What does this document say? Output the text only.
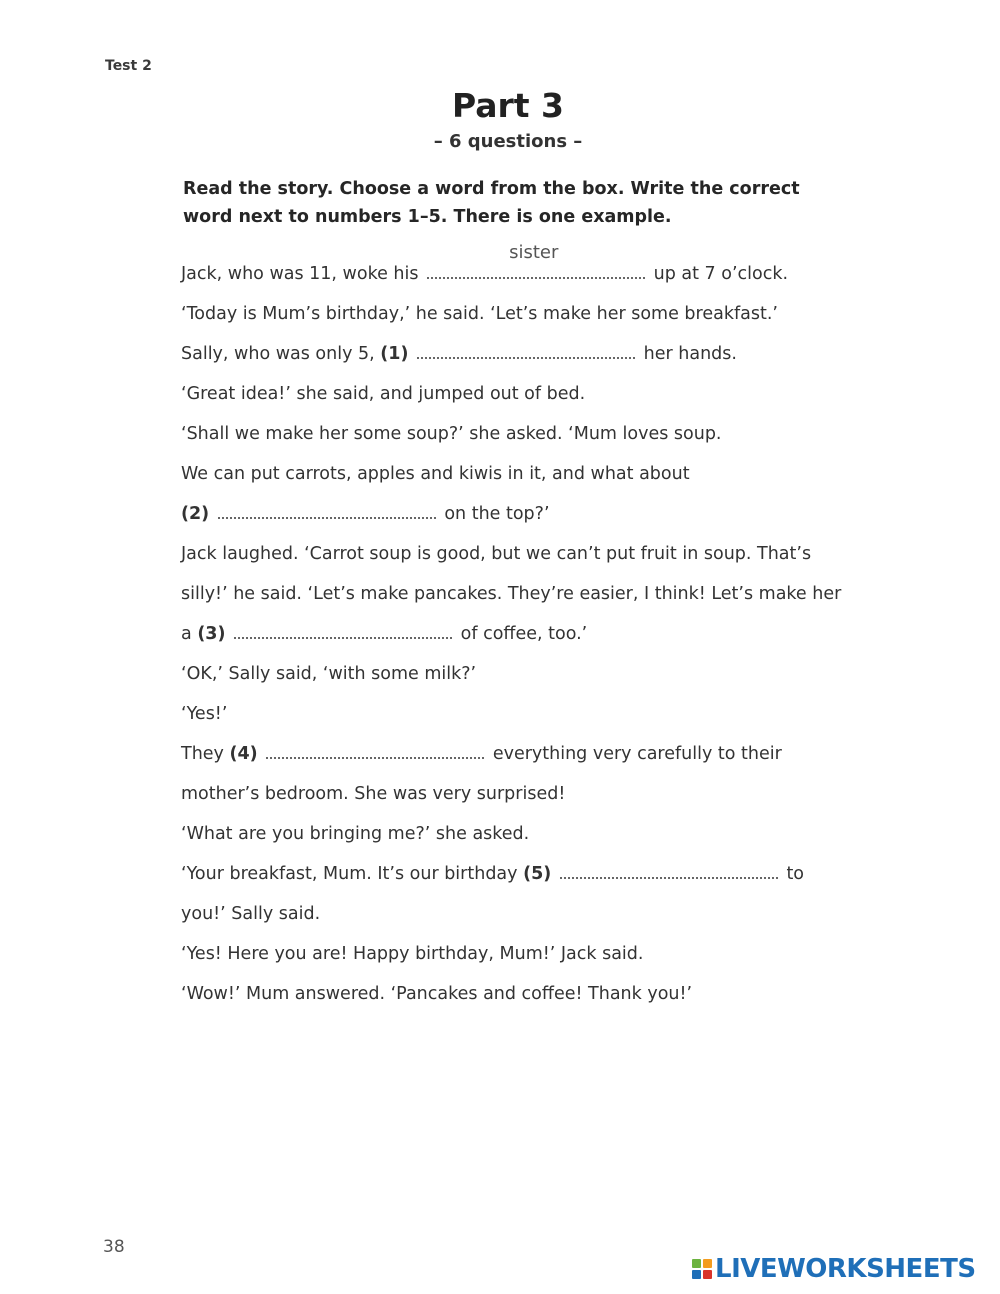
Test 2
Part 3
– 6 questions –
Read the story. Choose a word from the box. Write the correct word next to numbers 1–5. There is one example.
Jack, who was 11, woke his
sister
up at 7 o’clock.
‘Today is Mum’s birthday,’ he said. ‘Let’s make her some breakfast.’
Sally, who was only 5, (1)	her hands.
‘Great idea!’ she said, and jumped out of bed.
‘Shall we make her some soup?’ she asked. ‘Mum loves soup.
We can put carrots, apples and kiwis in it, and what about
(2)	on the top?’
Jack laughed. ‘Carrot soup is good, but we can’t put fruit in soup. That’s
silly!’ he said. ‘Let’s make pancakes. They’re easier, I think! Let’s make her
a (3)	of coffee, too.’
‘OK,’ Sally said, ‘with some milk?’
‘Yes!’
They (4)	everything very carefully to their
mother’s bedroom. She was very surprised!
‘What are you bringing me?’ she asked.
‘Your breakfast, Mum. It’s our birthday (5)	to
you!’ Sally said.
‘Yes! Here you are! Happy birthday, Mum!’ Jack said.
‘Wow!’ Mum answered. ‘Pancakes and coffee! Thank you!’
38
LIVEWORKSHEETS
